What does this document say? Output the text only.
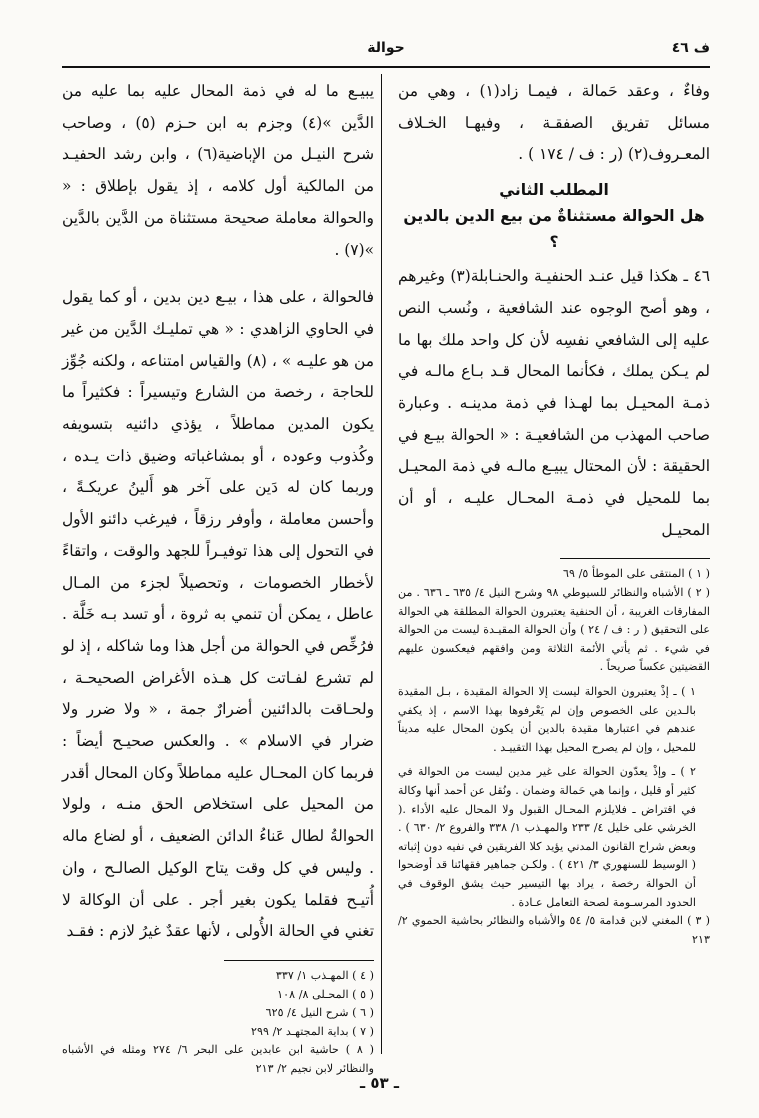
ف ٤٦
حوالة

وفاءٌ ، وعقد حَمالة ، فيمـا زاد(١) ، وهي من مسائل تفريق الصفقـة ، وفيهـا الخـلاف المعـروف(٢) (ر : ف / ١٧٤ ) .

المطلب الثاني

هل الحوالة مستثناةٌ من بيع الدين بالدين ؟

٤٦ ـ هكذا قيل عنـد الحنفيـة والحنـابلة(٣) وغيرهم ، وهو أصح الوجوه عند الشافعية ، ونُسب النص عليه إلى الشافعي نفسِه لأن كل واحد ملك بها ما لم يـكن يملك ، فكأنما المحال قـد بـاع مالـه في ذمـة المحيـل بما لهـذا في ذمة مدينـه . وعبارة صاحب المهذب من الشافعيـة : « الحوالة بيـع في الحقيقة : لأن المحتال يبيـع مالـه في ذمة المحيـل بما للمحيل في ذمـة المحـال عليـه ، أو أن المحيـل

( ١ ) المنتقى على الموطأ ٥/ ٦٩

( ٢ ) الأشباه والنظائر للسيوطي ٩٨ وشرح النيل ٤/ ٦٣٥ ـ ٦٣٦ . من المفارقات الغريبة ، أن الحنفية يعتبرون الحوالة المطلقة هي الحوالة على التحقيق ( ر : ف / ٢٤ ) وأن الحوالة المقيـدة ليست من الحوالة في شيء . ثم يأتي الأئمة الثلاثة ومن وافقهم فيعكسون عليهم القضيتين عكساً صريحاً .

١ ) ـ إذْ يعتبرون الحوالة ليست إلا الحوالة المقيدة ، بـل المقيدة بالـدين على الخصوص وإن لم يَعْرفوها بهذا الاسم ، إذ يكفي عندهم في اعتبارها مقيدة بالدين أن يكون المحال عليه مديناً للمحيل ، وإن لم يصرح المحيل بهذا التقييـد .

٢ ) ـ وإذْ يعدّون الحوالة على غير مدين ليست من الحوالة في كثير أو قليل ، وإنما هي حَمالة وضمان . ونُقل عن أحمد أنها وكالة في اقتراض ـ فلايلزم المحـال القبول ولا المحال عليه الأداء .( الخرشي على خليل ٤/ ٢٣٣ والمهـذب ١/ ٣٣٨ والفروع ٢/ ٦٣٠ ) . وبعض شراح القانون المدني يؤيد كلا الفريقين في نفيه دون إثباته ( الوسيط للسنهوري ٣/ ٤٢١ ) . ولكـن جماهير فقهائنا قد أوضحوا أن الحوالة رخصة ، يراد بها التيسير حيث يشق الوقوف في الحدود المرسـومة لصحة التعامل عـادة .

( ٣ ) المغني لابن قدامة ٥/ ٥٤ والأشباه والنظائر بحاشية الحموي ٢/ ٢١٣

يبيـع ما له في ذمة المحال عليه بما عليه من الدَّين »(٤) وجزم به ابن حـزم (٥) ، وصاحب شرح النيـل من الإباضية(٦) ، وابن رشد الحفيـد من المالكية أول كلامه ، إذ يقول بإطلاق : « والحوالة معاملة صحيحة مستثناة من الدَّين بالدَّين »(٧) .

فالحوالة ، على هذا ، بيـع دين بدين ، أو كما يقول في الحاوي الزاهدي : « هي تمليـك الدَّين من غير من هو عليـه » ، (٨) والقياس امتناعه ، ولكنه جُوِّز للحاجة ، رخصة من الشارع وتيسيراً : فكثيراً ما يكون المدين مماطلاً ، يؤذي دائنيه بتسويفه وكُذوب وعوده ، أو بمشاغباته وضيق ذات يـده ، وربما كان له دَين على آخر هو أَلينُ عريكـةً ، وأحسن معاملة ، وأوفر رزقاً ، فيرغب دائنو الأول في التحول إلى هذا توفيـراً للجهد والوقت ، واتقاءً لأخطار الخصومات ، وتحصيلاً لجزء من المـال عاطل ، يمكن أن تنمي به ثروة ، أو تسد بـه خَلَّة . فرُخِّص في الحوالة من أجل هذا وما شاكله ، إذ لو لم تشرع لفـاتت كل هـذه الأغراض الصحيحـة ، ولحـاقت بالدائنين أضرارٌ جمة ، « ولا ضرر ولا ضرار في الاسلام » . والعكس صحيـح أيضاً : فربما كان المحـال عليه مماطلاً وكان المحال أقدر من المحيل على استخلاص الحق منـه ، ولولا الحوالةُ لطال عَناءُ الدائن الضعيف ، أو لضاع ماله . وليس في كل وقت يتاح الوكيل الصالـح ، وان أُتيـح فقلما يكون بغير أجر . على أن الوكالة لا تغني في الحالة الأُولى ، لأنها عقدٌ غيرُ لازم : فقـد

( ٤ ) المهـذب ١/ ٣٣٧

( ٥ ) المحـلى ٨/ ١٠٨

( ٦ ) شرح النيل ٤/ ٦٢٥

( ٧ ) بداية المجتهـد ٢/ ٢٩٩

( ٨ ) حاشية ابن عابدين على البحر ٦/ ٢٧٤ ومثله في الأشباه والنظائر لابن نجيم ٢/ ٢١٣

ـ ٥٣ ـ
